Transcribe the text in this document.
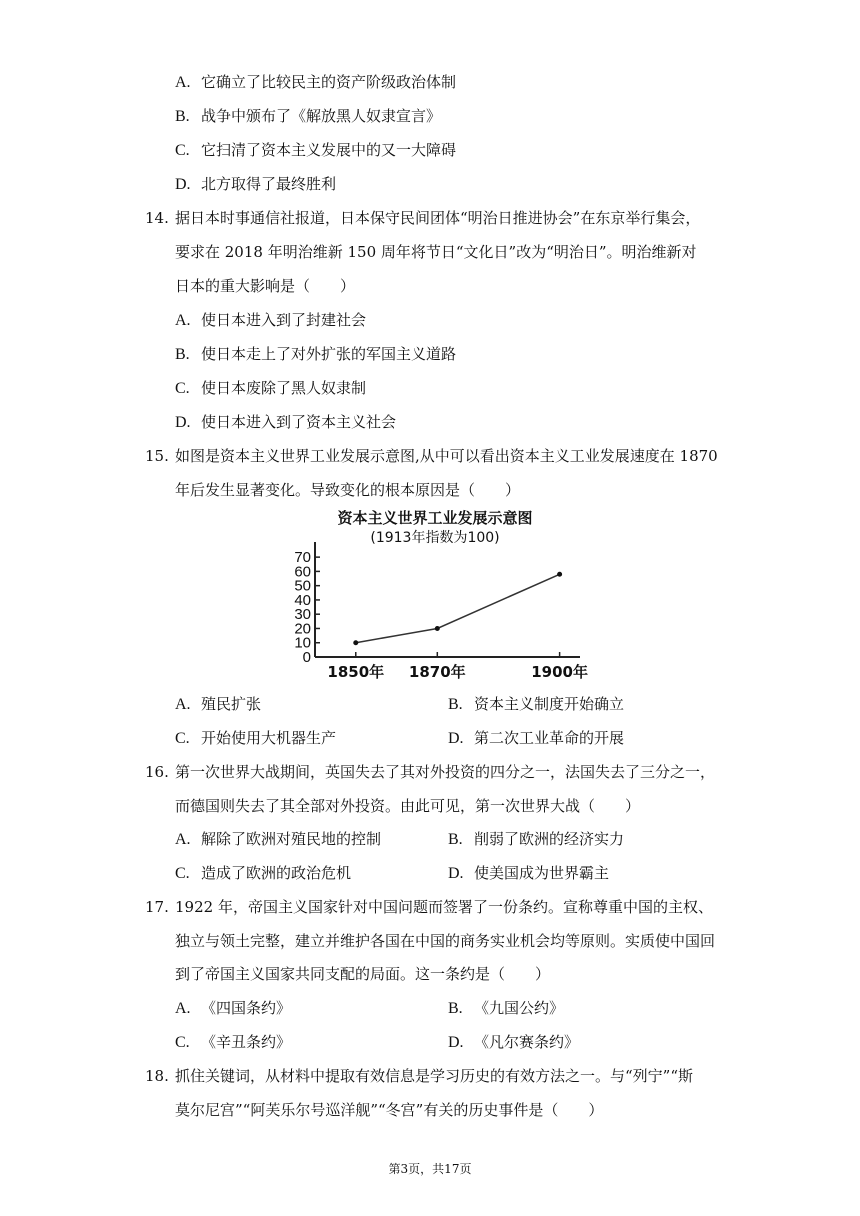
A. 它确立了比较民主的资产阶级政治体制
B. 战争中颁布了《解放黑人奴隶宣言》
C. 它扫清了资本主义发展中的又一大障碍
D. 北方取得了最终胜利
14. 据日本时事通信社报道，日本保守民间团体“明治日推进协会”在东京举行集会，
要求在 2018 年明治维新 150 周年将节日“文化日”改为“明治日”。明治维新对
日本的重大影响是（　　）
A. 使日本进入到了封建社会
B. 使日本走上了对外扩张的军国主义道路
C. 使日本废除了黑人奴隶制
D. 使日本进入到了资本主义社会
15. 如图是资本主义世界工业发展示意图,从中可以看出资本主义工业发展速度在 1870
年后发生显著变化。导致变化的根本原因是（　　）
资本主义世界工业发展示意图
(1913年指数为100)
0
10
20
30
40
50
60
70
1850年 1870年	1900年
A. 殖民扩张	B. 资本主义制度开始确立
C. 开始使用大机器生产	D. 第二次工业革命的开展
16. 第一次世界大战期间，英国失去了其对外投资的四分之一，法国失去了三分之一，
而德国则失去了其全部对外投资。由此可见，第一次世界大战（　　）
A. 解除了欧洲对殖民地的控制	B. 削弱了欧洲的经济实力
C. 造成了欧洲的政治危机	D. 使美国成为世界霸主
17. 1922 年，帝国主义国家针对中国问题而签署了一份条约。宣称尊重中国的主权、
独立与领土完整，建立并维护各国在中国的商务实业机会均等原则。实质使中国回
到了帝国主义国家共同支配的局面。这一条约是（　　）
A. 《四国条约》	B. 《九国公约》
C. 《辛丑条约》	D. 《凡尔赛条约》
18. 抓住关键词，从材料中提取有效信息是学习历史的有效方法之一。与“列宁”“斯
莫尔尼宫”“阿芙乐尔号巡洋舰”“冬宫”有关的历史事件是（　　）
第3页，共17页
